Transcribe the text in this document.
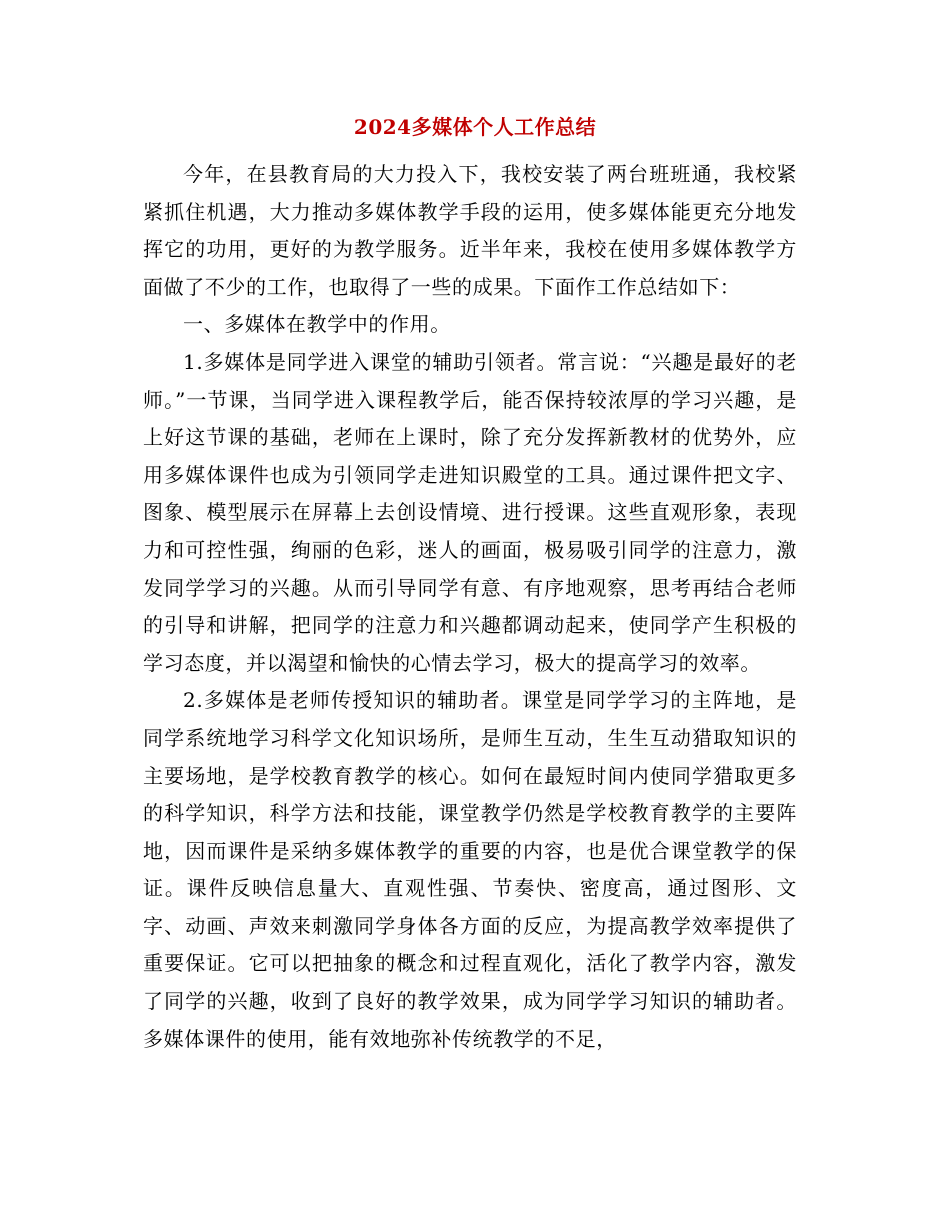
2024多媒体个人工作总结

今年，在县教育局的大力投入下，我校安装了两台班班通，我校紧紧抓住机遇，大力推动多媒体教学手段的运用，使多媒体能更充分地发挥它的功用，更好的为教学服务。近半年来，我校在使用多媒体教学方面做了不少的工作，也取得了一些的成果。下面作工作总结如下：

一、多媒体在教学中的作用。

1.多媒体是同学进入课堂的辅助引领者。常言说：“兴趣是最好的老师。”一节课，当同学进入课程教学后，能否保持较浓厚的学习兴趣，是上好这节课的基础，老师在上课时，除了充分发挥新教材的优势外，应用多媒体课件也成为引领同学走进知识殿堂的工具。通过课件把文字、图象、模型展示在屏幕上去创设情境、进行授课。这些直观形象，表现力和可控性强，绚丽的色彩，迷人的画面，极易吸引同学的注意力，激发同学学习的兴趣。从而引导同学有意、有序地观察，思考再结合老师的引导和讲解，把同学的注意力和兴趣都调动起来，使同学产生积极的学习态度，并以渴望和愉快的心情去学习，极大的提高学习的效率。

2.多媒体是老师传授知识的辅助者。课堂是同学学习的主阵地，是同学系统地学习科学文化知识场所，是师生互动，生生互动猎取知识的主要场地，是学校教育教学的核心。如何在最短时间内使同学猎取更多的科学知识，科学方法和技能，课堂教学仍然是学校教育教学的主要阵地，因而课件是采纳多媒体教学的重要的内容，也是优合课堂教学的保证。课件反映信息量大、直观性强、节奏快、密度高，通过图形、文字、动画、声效来刺激同学身体各方面的反应，为提高教学效率提供了重要保证。它可以把抽象的概念和过程直观化，活化了教学内容，激发了同学的兴趣，收到了良好的教学效果，成为同学学习知识的辅助者。多媒体课件的使用，能有效地弥补传统教学的不足，
